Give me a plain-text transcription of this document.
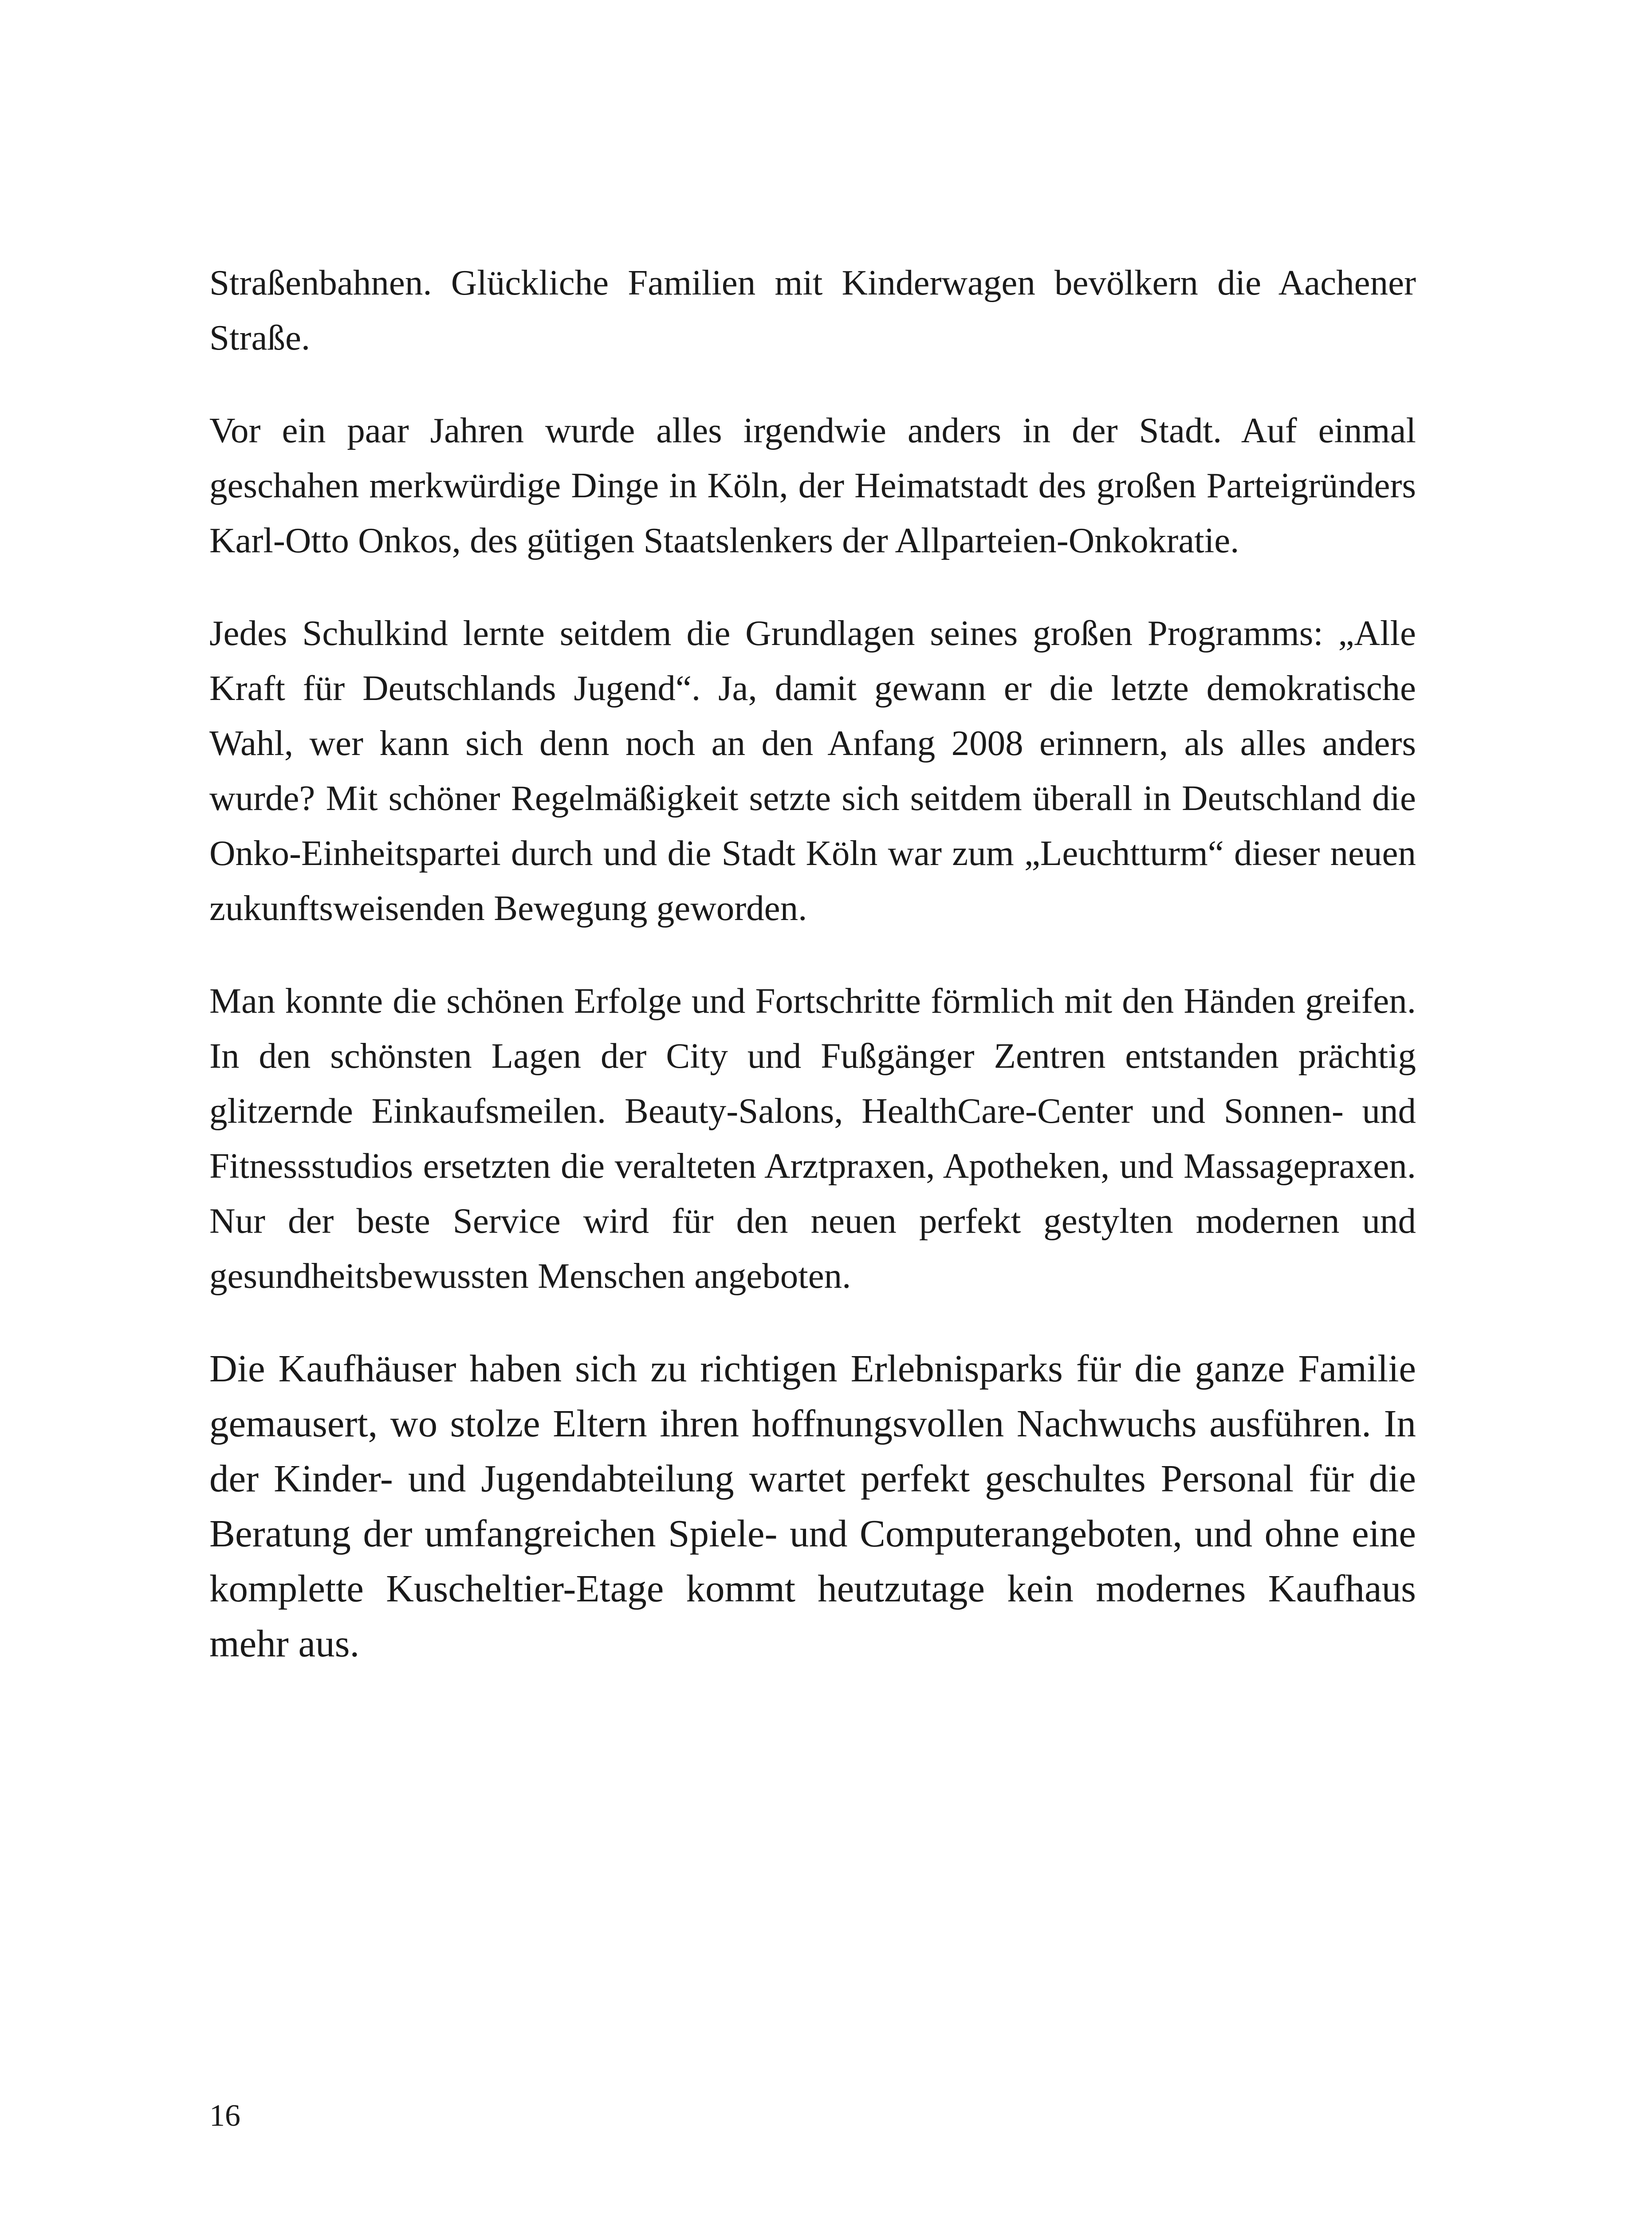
Straßenbahnen. Glückliche Familien mit Kinderwagen bevölkern die Aachener Straße.

Vor ein paar Jahren wurde alles irgendwie anders in der Stadt. Auf einmal geschahen merkwürdige Dinge in Köln, der Heimatstadt des großen Parteigründers Karl-Otto Onkos, des gütigen Staatslenkers der Allparteien-Onkokratie.

Jedes Schulkind lernte seitdem die Grundlagen seines großen Programms: „Alle Kraft für Deutschlands Jugend“. Ja, damit gewann er die letzte demokratische Wahl, wer kann sich denn noch an den Anfang 2008 erinnern, als alles anders wurde? Mit schöner Regelmäßigkeit setzte sich seitdem überall in Deutschland die Onko-Einheitspartei durch und die Stadt Köln war zum „Leuchtturm“ dieser neuen zukunftsweisenden Bewegung geworden.

Man konnte die schönen Erfolge und Fortschritte förmlich mit den Händen greifen. In den schönsten Lagen der City und Fußgänger Zentren entstanden prächtig glitzernde Einkaufsmeilen. Beauty-Salons, HealthCare-Center und Sonnen- und Fitnessstudios ersetzten die veralteten Arztpraxen, Apotheken, und Massagepraxen. Nur der beste Service wird für den neuen perfekt gestylten modernen und gesundheitsbewussten Menschen angeboten.

Die Kaufhäuser haben sich zu richtigen Erlebnisparks für die ganze Familie gemausert, wo stolze Eltern ihren hoffnungsvollen Nachwuchs ausführen. In der Kinder- und Jugendabteilung wartet perfekt geschultes Personal für die Beratung der umfangreichen Spiele- und Computerangeboten, und ohne eine komplette Kuscheltier-Etage kommt heutzutage kein modernes Kaufhaus mehr aus.

16
